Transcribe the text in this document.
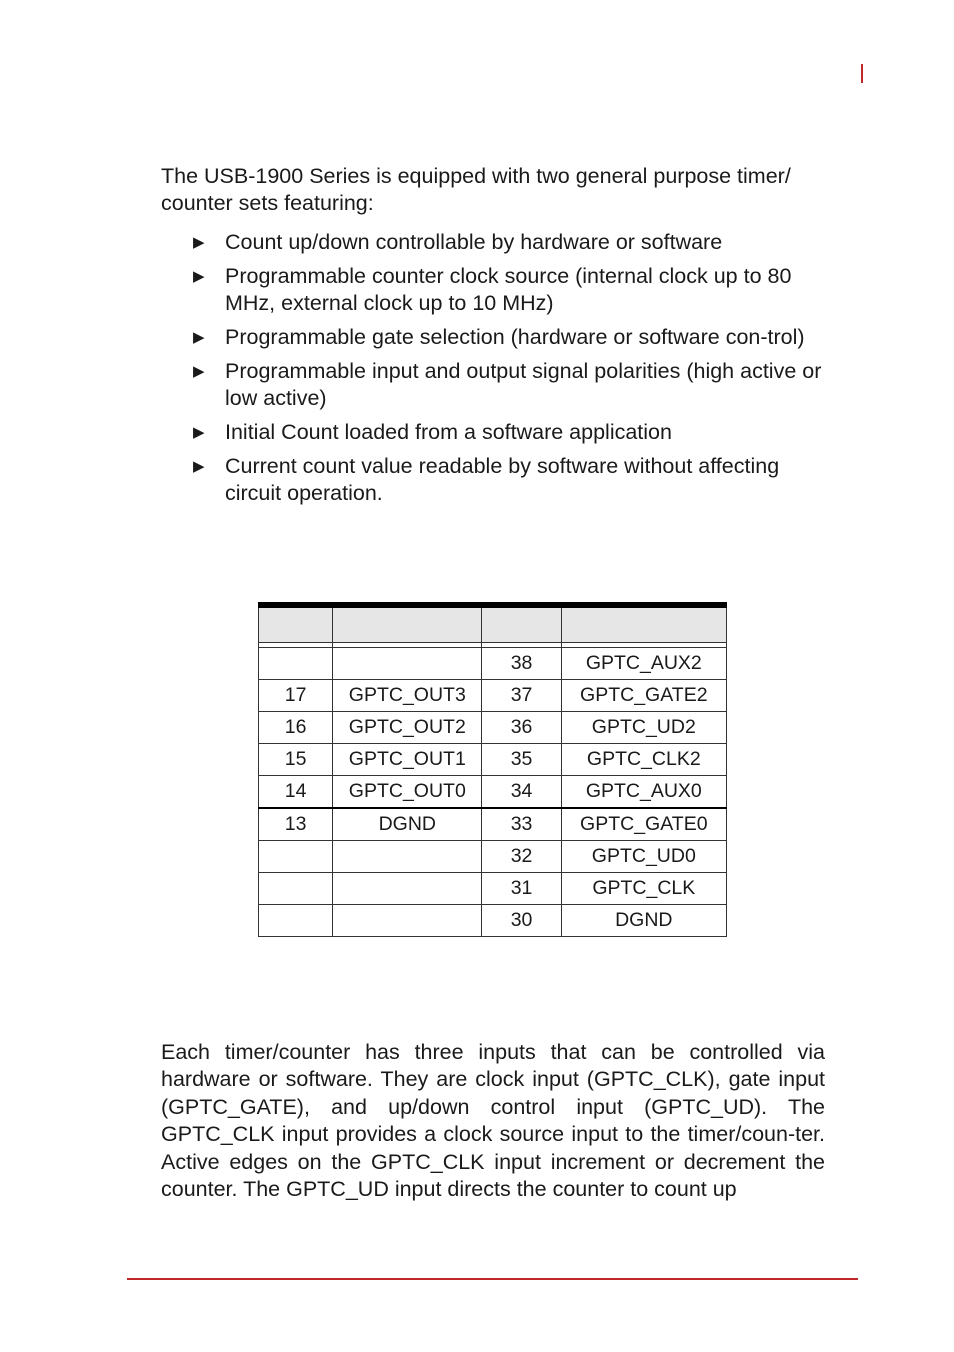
The USB-1900 Series is equipped with two general purpose timer/ counter sets featuring:

▶ Count up/down controllable by hardware or software
▶ Programmable counter clock source (internal clock up to 80 MHz, external clock up to 10 MHz)
▶ Programmable gate selection (hardware or software con-trol)
▶ Programmable input and output signal polarities (high active or low active)
▶ Initial Count loaded from a software application
▶ Current count value readable by software without affecting circuit operation.

		38	GPTC_AUX2
17	GPTC_OUT3	37	GPTC_GATE2
16	GPTC_OUT2	36	GPTC_UD2
15	GPTC_OUT1	35	GPTC_CLK2
14	GPTC_OUT0	34	GPTC_AUX0
13	DGND	33	GPTC_GATE0
		32	GPTC_UD0
		31	GPTC_CLK
		30	DGND

Each timer/counter has three inputs that can be controlled via hardware or software. They are clock input (GPTC_CLK), gate input (GPTC_GATE), and up/down control input (GPTC_UD). The GPTC_CLK input provides a clock source input to the timer/coun-ter. Active edges on the GPTC_CLK input increment or decrement the counter. The GPTC_UD input directs the counter to count up
